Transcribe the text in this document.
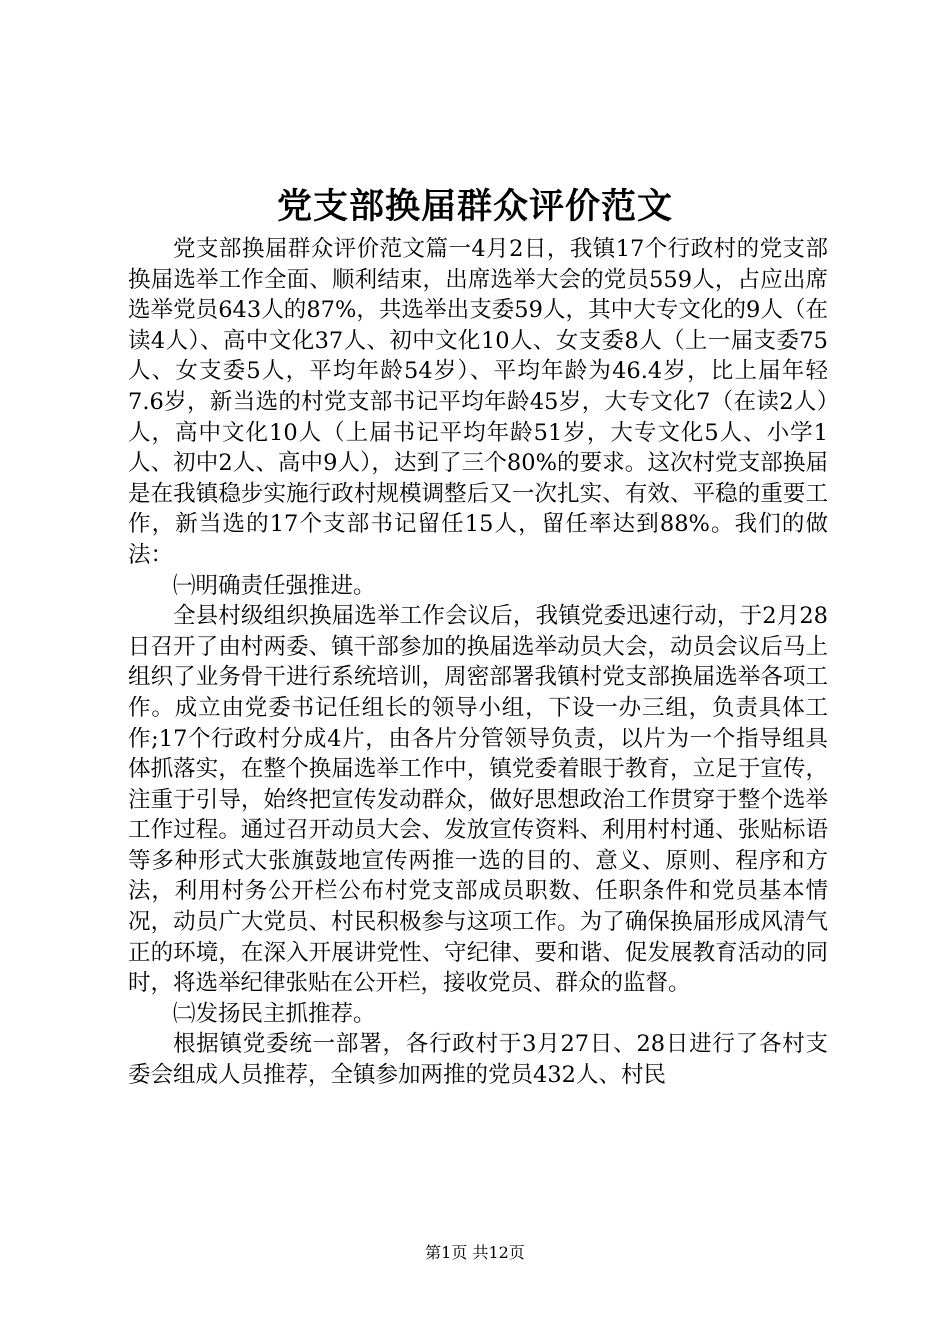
党支部换届群众评价范文

党支部换届群众评价范文篇一4月2日，我镇17个行政村的党支部换届选举工作全面、顺利结束，出席选举大会的党员559人，占应出席选举党员643人的87%，共选举出支委59人，其中大专文化的9人（在读4人）、高中文化37人、初中文化10人、女支委8人（上一届支委75人、女支委5人，平均年龄54岁）、平均年龄为46.4岁，比上届年轻7.6岁，新当选的村党支部书记平均年龄45岁，大专文化7（在读2人）人，高中文化10人（上届书记平均年龄51岁，大专文化5人、小学1人、初中2人、高中9人），达到了三个80%的要求。这次村党支部换届是在我镇稳步实施行政村规模调整后又一次扎实、有效、平稳的重要工作，新当选的17个支部书记留任15人，留任率达到88%。我们的做法：

㈠明确责任强推进。

全县村级组织换届选举工作会议后，我镇党委迅速行动，于2月28日召开了由村两委、镇干部参加的换届选举动员大会，动员会议后马上组织了业务骨干进行系统培训，周密部署我镇村党支部换届选举各项工作。成立由党委书记任组长的领导小组，下设一办三组，负责具体工作;17个行政村分成4片，由各片分管领导负责，以片为一个指导组具体抓落实，在整个换届选举工作中，镇党委着眼于教育，立足于宣传，注重于引导，始终把宣传发动群众，做好思想政治工作贯穿于整个选举工作过程。通过召开动员大会、发放宣传资料、利用村村通、张贴标语等多种形式大张旗鼓地宣传两推一选的目的、意义、原则、程序和方法，利用村务公开栏公布村党支部成员职数、任职条件和党员基本情况，动员广大党员、村民积极参与这项工作。为了确保换届形成风清气正的环境，在深入开展讲党性、守纪律、要和谐、促发展教育活动的同时，将选举纪律张贴在公开栏，接收党员、群众的监督。

㈡发扬民主抓推荐。

根据镇党委统一部署，各行政村于3月27日、28日进行了各村支委会组成人员推荐，全镇参加两推的党员432人、村民

第1页 共12页
